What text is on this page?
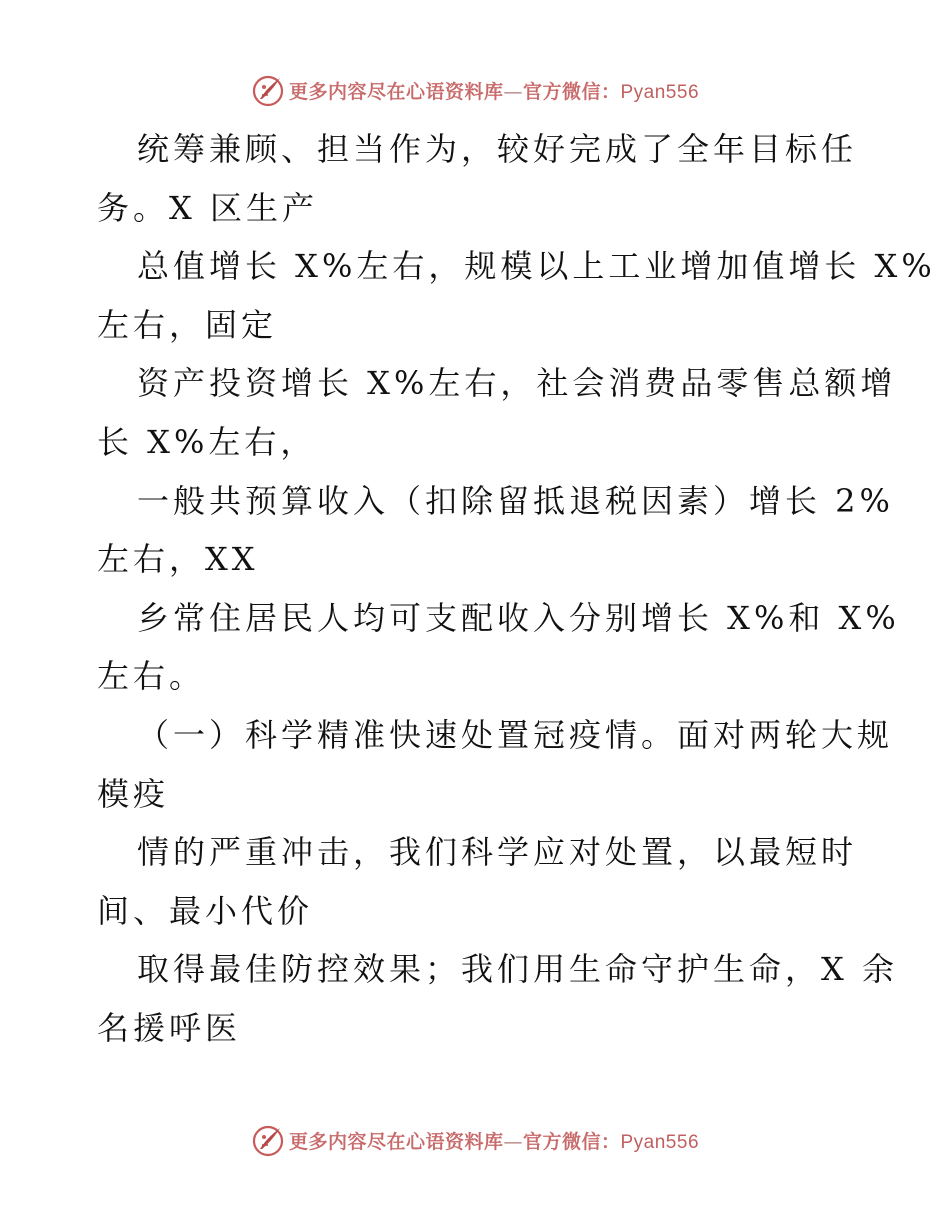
更多内容尽在心语资料库—官方微信：Pyan556
统筹兼顾、担当作为，较好完成了全年目标任
务。X 区生产
总值增长 X%左右，规模以上工业增加值增长 X%
左右，固定
资产投资增长 X%左右，社会消费品零售总额增
长 X%左右，
一般共预算收入（扣除留抵退税因素）增长 2%
左右，XX
乡常住居民人均可支配收入分别增长 X%和 X%
左右。
（一）科学精准快速处置冠疫情。面对两轮大规
模疫
情的严重冲击，我们科学应对处置，以最短时
间、最小代价
取得最佳防控效果；我们用生命守护生命，X 余
名援呼医
更多内容尽在心语资料库—官方微信：Pyan556
